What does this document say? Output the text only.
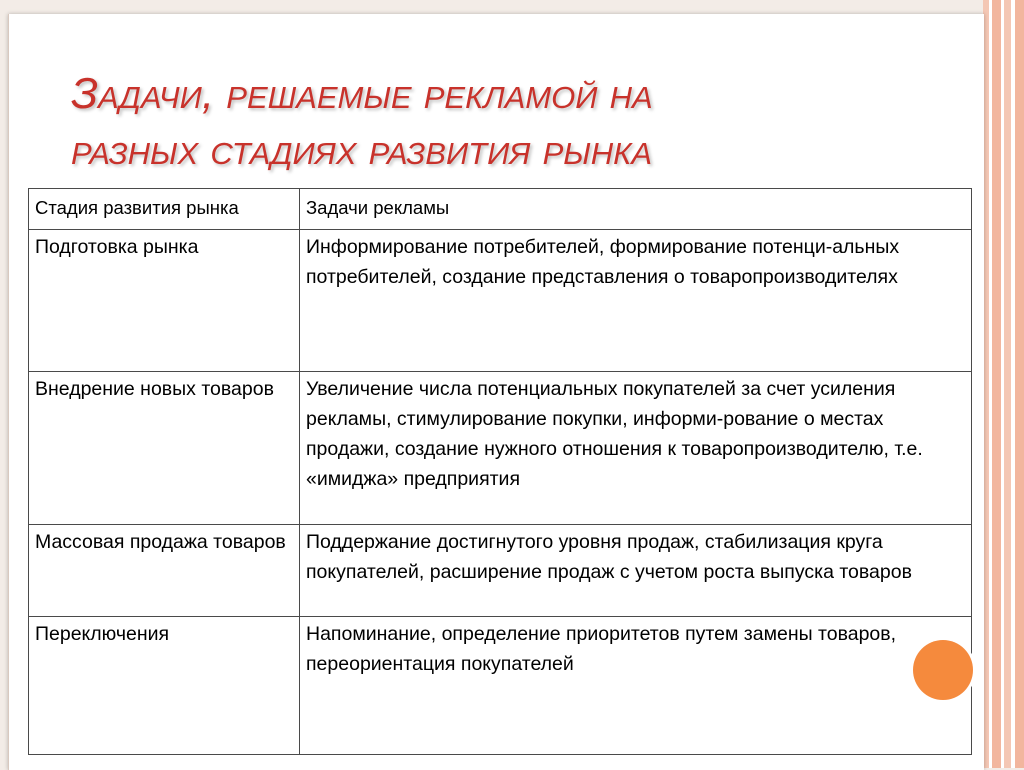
Задачи, решаемые рекламой на
разных стадиях развития рынка
Стадия развития рынка	Задачи рекламы
Подготовка рынка	Информирование потребителей, формирование потенци-альных потребителей, создание представления о товаропроизводителях
Внедрение новых товаров	Увеличение числа потенциальных покупателей за счет усиления рекламы, стимулирование покупки, информи-рование о местах продажи, создание нужного отношения к товаропроизводителю, т.е. «имиджа» предприятия
Массовая продажа товаров	Поддержание достигнутого уровня продаж, стабилизация круга покупателей, расширение продаж с учетом роста выпуска товаров
Переключения	Напоминание, определение приоритетов путем замены товаров, переориентация покупателей
